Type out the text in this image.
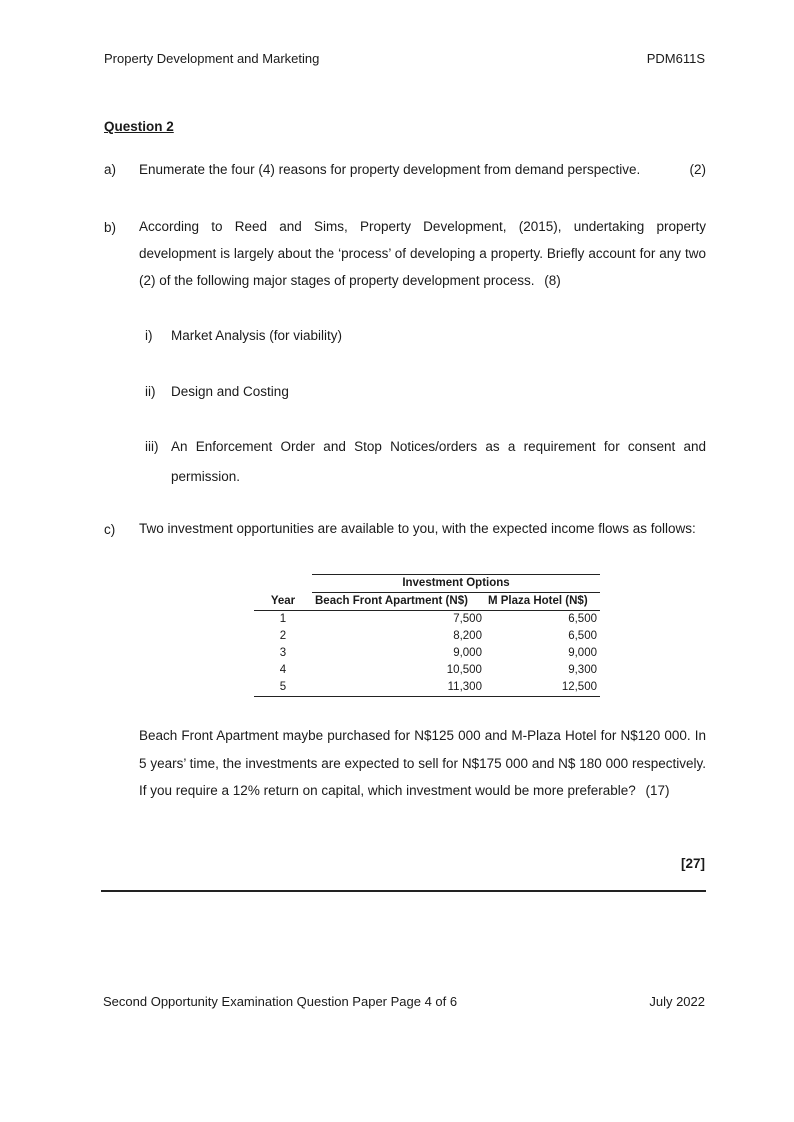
Property Development and Marketing	PDM611S
Question 2
a)	(2)
Enumerate the four (4) reasons for property development from demand perspective.
b) According to Reed and Sims, Property Development, (2015), undertaking property development is largely about the ‘process’ of developing a property. Briefly account for any two (2) of the following major stages of property development process. (8)
i) Market Analysis (for viability)
ii) Design and Costing
iii) An Enforcement Order and Stop Notices/orders as a requirement for consent and permission.
c) Two investment opportunities are available to you, with the expected income flows as follows:
	Investment Options	
Year	Beach Front Apartment (N$)	M Plaza Hotel (N$)
1	7,500	6,500
2	8,200	6,500
3	9,000	9,000
4	10,500	9,300
5	11,300	12,500
Beach Front Apartment maybe purchased for N$125 000 and M-Plaza Hotel for N$120 000. In 5 years’ time, the investments are expected to sell for N$175 000 and N$ 180 000 respectively. If you require a 12% return on capital, which investment would be more preferable? (17)
[27]
Second Opportunity Examination Question Paper Page 4 of 6	July 2022
